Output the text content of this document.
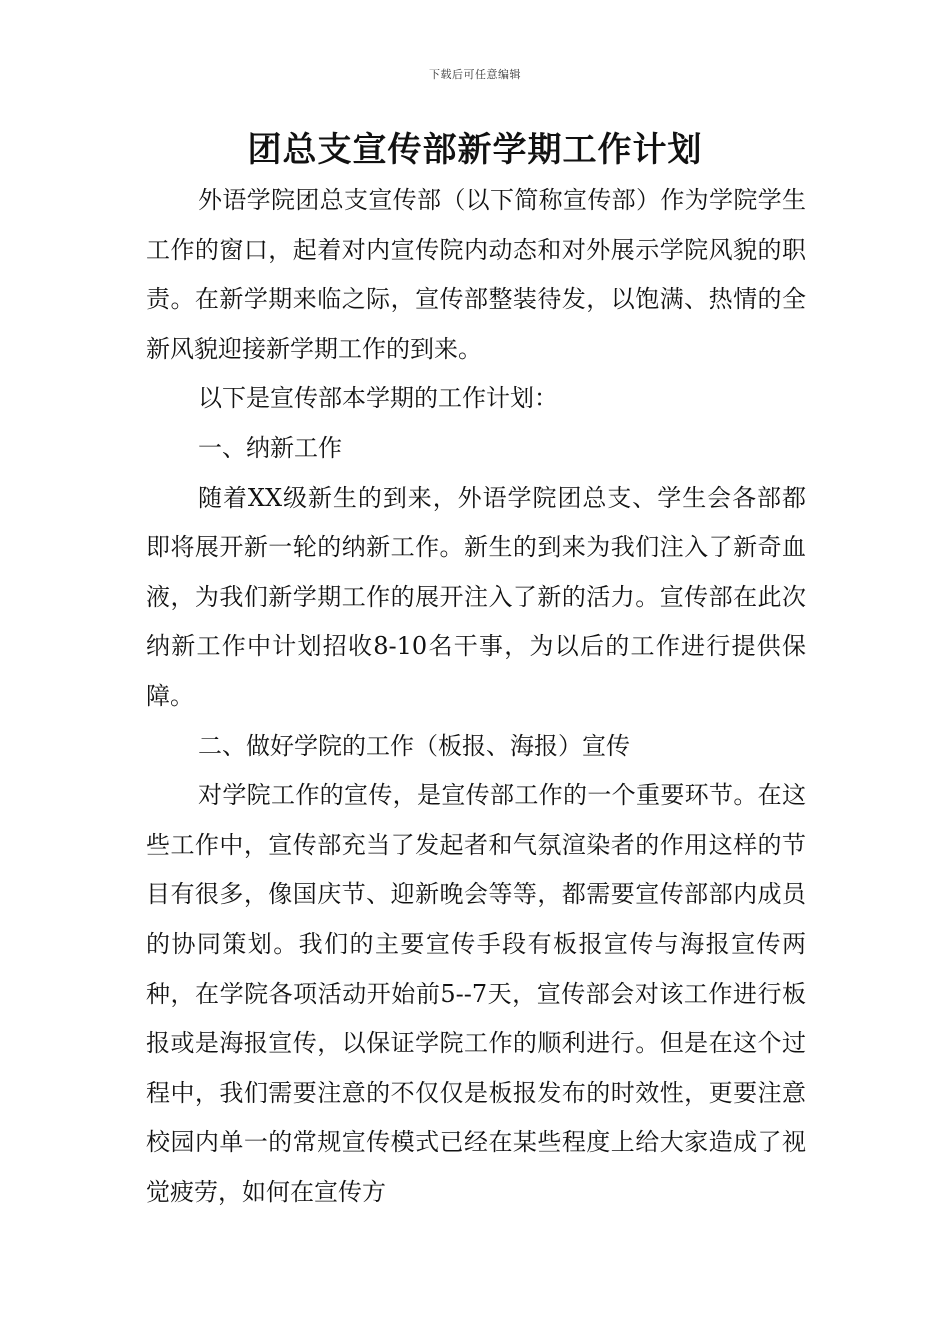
下载后可任意编辑
团总支宣传部新学期工作计划

外语学院团总支宣传部（以下简称宣传部）作为学院学生工作的窗口，起着对内宣传院内动态和对外展示学院风貌的职责。在新学期来临之际，宣传部整装待发，以饱满、热情的全新风貌迎接新学期工作的到来。

以下是宣传部本学期的工作计划：

一、纳新工作

随着XX级新生的到来，外语学院团总支、学生会各部都即将展开新一轮的纳新工作。新生的到来为我们注入了新奇血液，为我们新学期工作的展开注入了新的活力。宣传部在此次纳新工作中计划招收8-10名干事，为以后的工作进行提供保障。

二、做好学院的工作（板报、海报）宣传

对学院工作的宣传，是宣传部工作的一个重要环节。在这些工作中，宣传部充当了发起者和气氛渲染者的作用这样的节目有很多，像国庆节、迎新晚会等等，都需要宣传部部内成员的协同策划。我们的主要宣传手段有板报宣传与海报宣传两种，在学院各项活动开始前5--7天，宣传部会对该工作进行板报或是海报宣传，以保证学院工作的顺利进行。但是在这个过程中，我们需要注意的不仅仅是板报发布的时效性，更要注意校园内单一的常规宣传模式已经在某些程度上给大家造成了视觉疲劳，如何在宣传方
